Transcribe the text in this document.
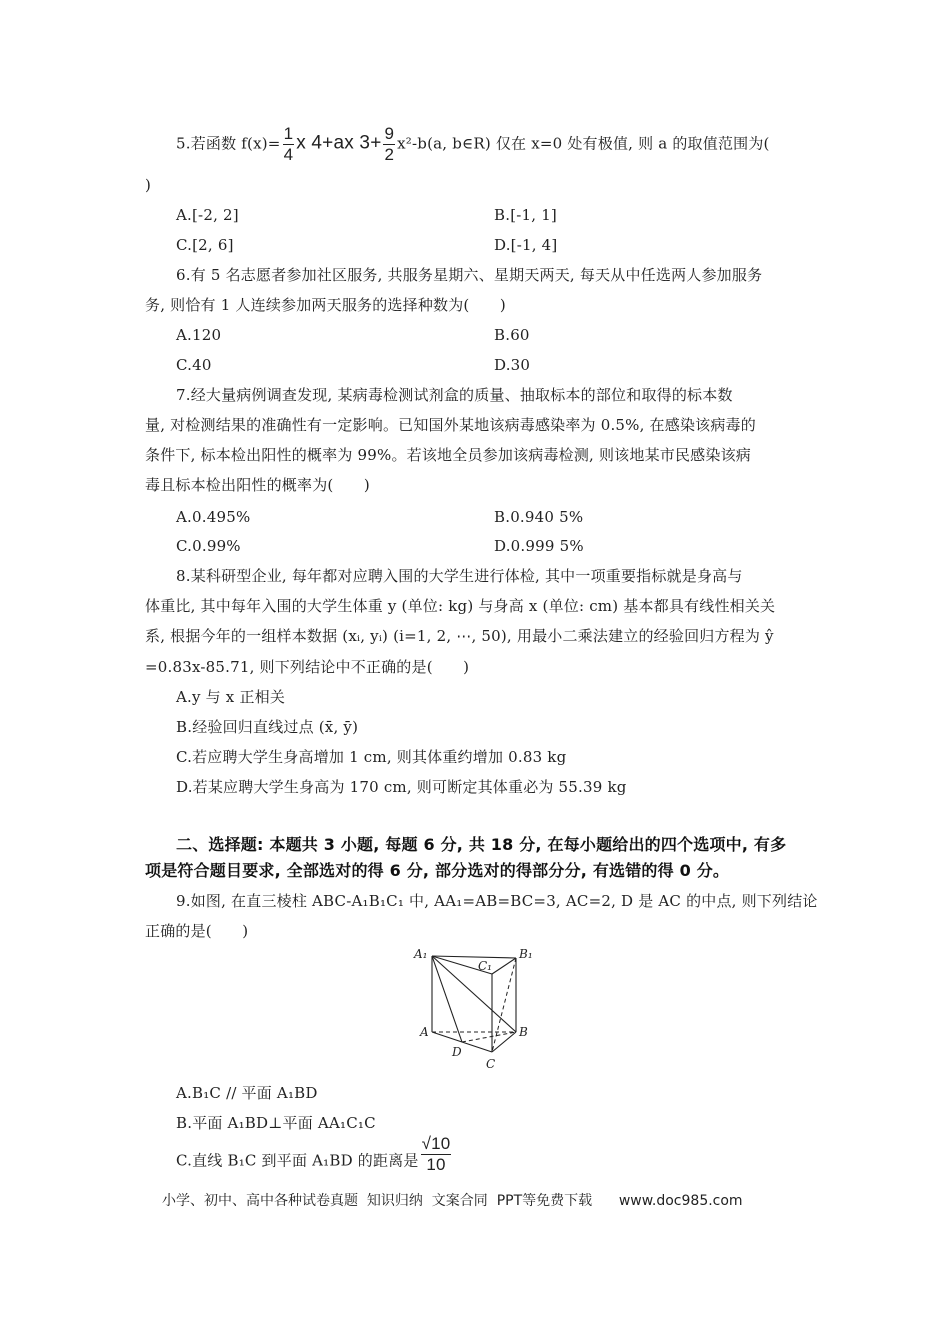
5.若函数 $f(x)= \frac{1}{4}$ x 4+ax $3+ \frac{9}{2} x^2-b(a$, b∈R) 仅在 x=0 处有极值, 则 a 的取值范围为(
)
A.[-2, 2]	B.[-1, 1]
C.[2, 6]	D.[-1, 4]
6.有 5 名志愿者参加社区服务, 共服务星期六、星期天两天, 每天从中任选两人参加服务
务, 则恰有 1 人连续参加两天服务的选择种数为(　　)
A.120	B.60
C.40	D.30
7.经大量病例调查发现, 某病毒检测试剂盒的质量、抽取标本的部位和取得的标本数
量, 对检测结果的准确性有一定影响。已知国外某地该病毒感染率为 0.5%, 在感染该病毒的
条件下, 标本检出阳性的概率为 99%。若该地全员参加该病毒检测, 则该地某市民感染该病
毒且标本检出阳性的概率为(　　)
A.0.495%	B.0.940 5%
C.0.99%	D.0.999 5%
8.某科研型企业, 每年都对应聘入围的大学生进行体检, 其中一项重要指标就是身高与
体重比, 其中每年入围的大学生体重 y (单位: kg) 与身高 x (单位: cm) 基本都具有线性相关关
系, 根据今年的一组样本数据 (xᵢ, yᵢ) (i=1, 2, ⋯, 50), 用最小二乘法建立的经验回归方程为 ŷ
=0.83x-85.71, 则下列结论中不正确的是(　　)
A.y 与 x 正相关
B.经验回归直线过点 (x̄, ȳ)
C.若应聘大学生身高增加 1 cm, 则其体重约增加 0.83 kg
D.若某应聘大学生身高为 170 cm, 则可断定其体重必为 55.39 kg
二、选择题: 本题共 3 小题, 每题 6 分, 共 18 分, 在每小题给出的四个选项中, 有多
项是符合题目要求, 全部选对的得 6 分, 部分选对的得部分分, 有选错的得 0 分。
9.如图, 在直三棱柱 ABC-A₁B₁C₁ 中, AA₁=AB=BC=3, AC=2, D 是 AC 的中点, 则下列结论
正确的是(　　)
A₁	B₁
C₁
A	B
C
D
A.B₁C // 平面 A₁BD
B.平面 A₁BD⊥平面 AA₁C₁C
C.直线 B₁C 到平面 A₁BD 的距离是 $\frac{√10}{10}$
小学、初中、高中各种试卷真题  知识归纳  文案合同  PPT等免费下载      www.doc985.com
